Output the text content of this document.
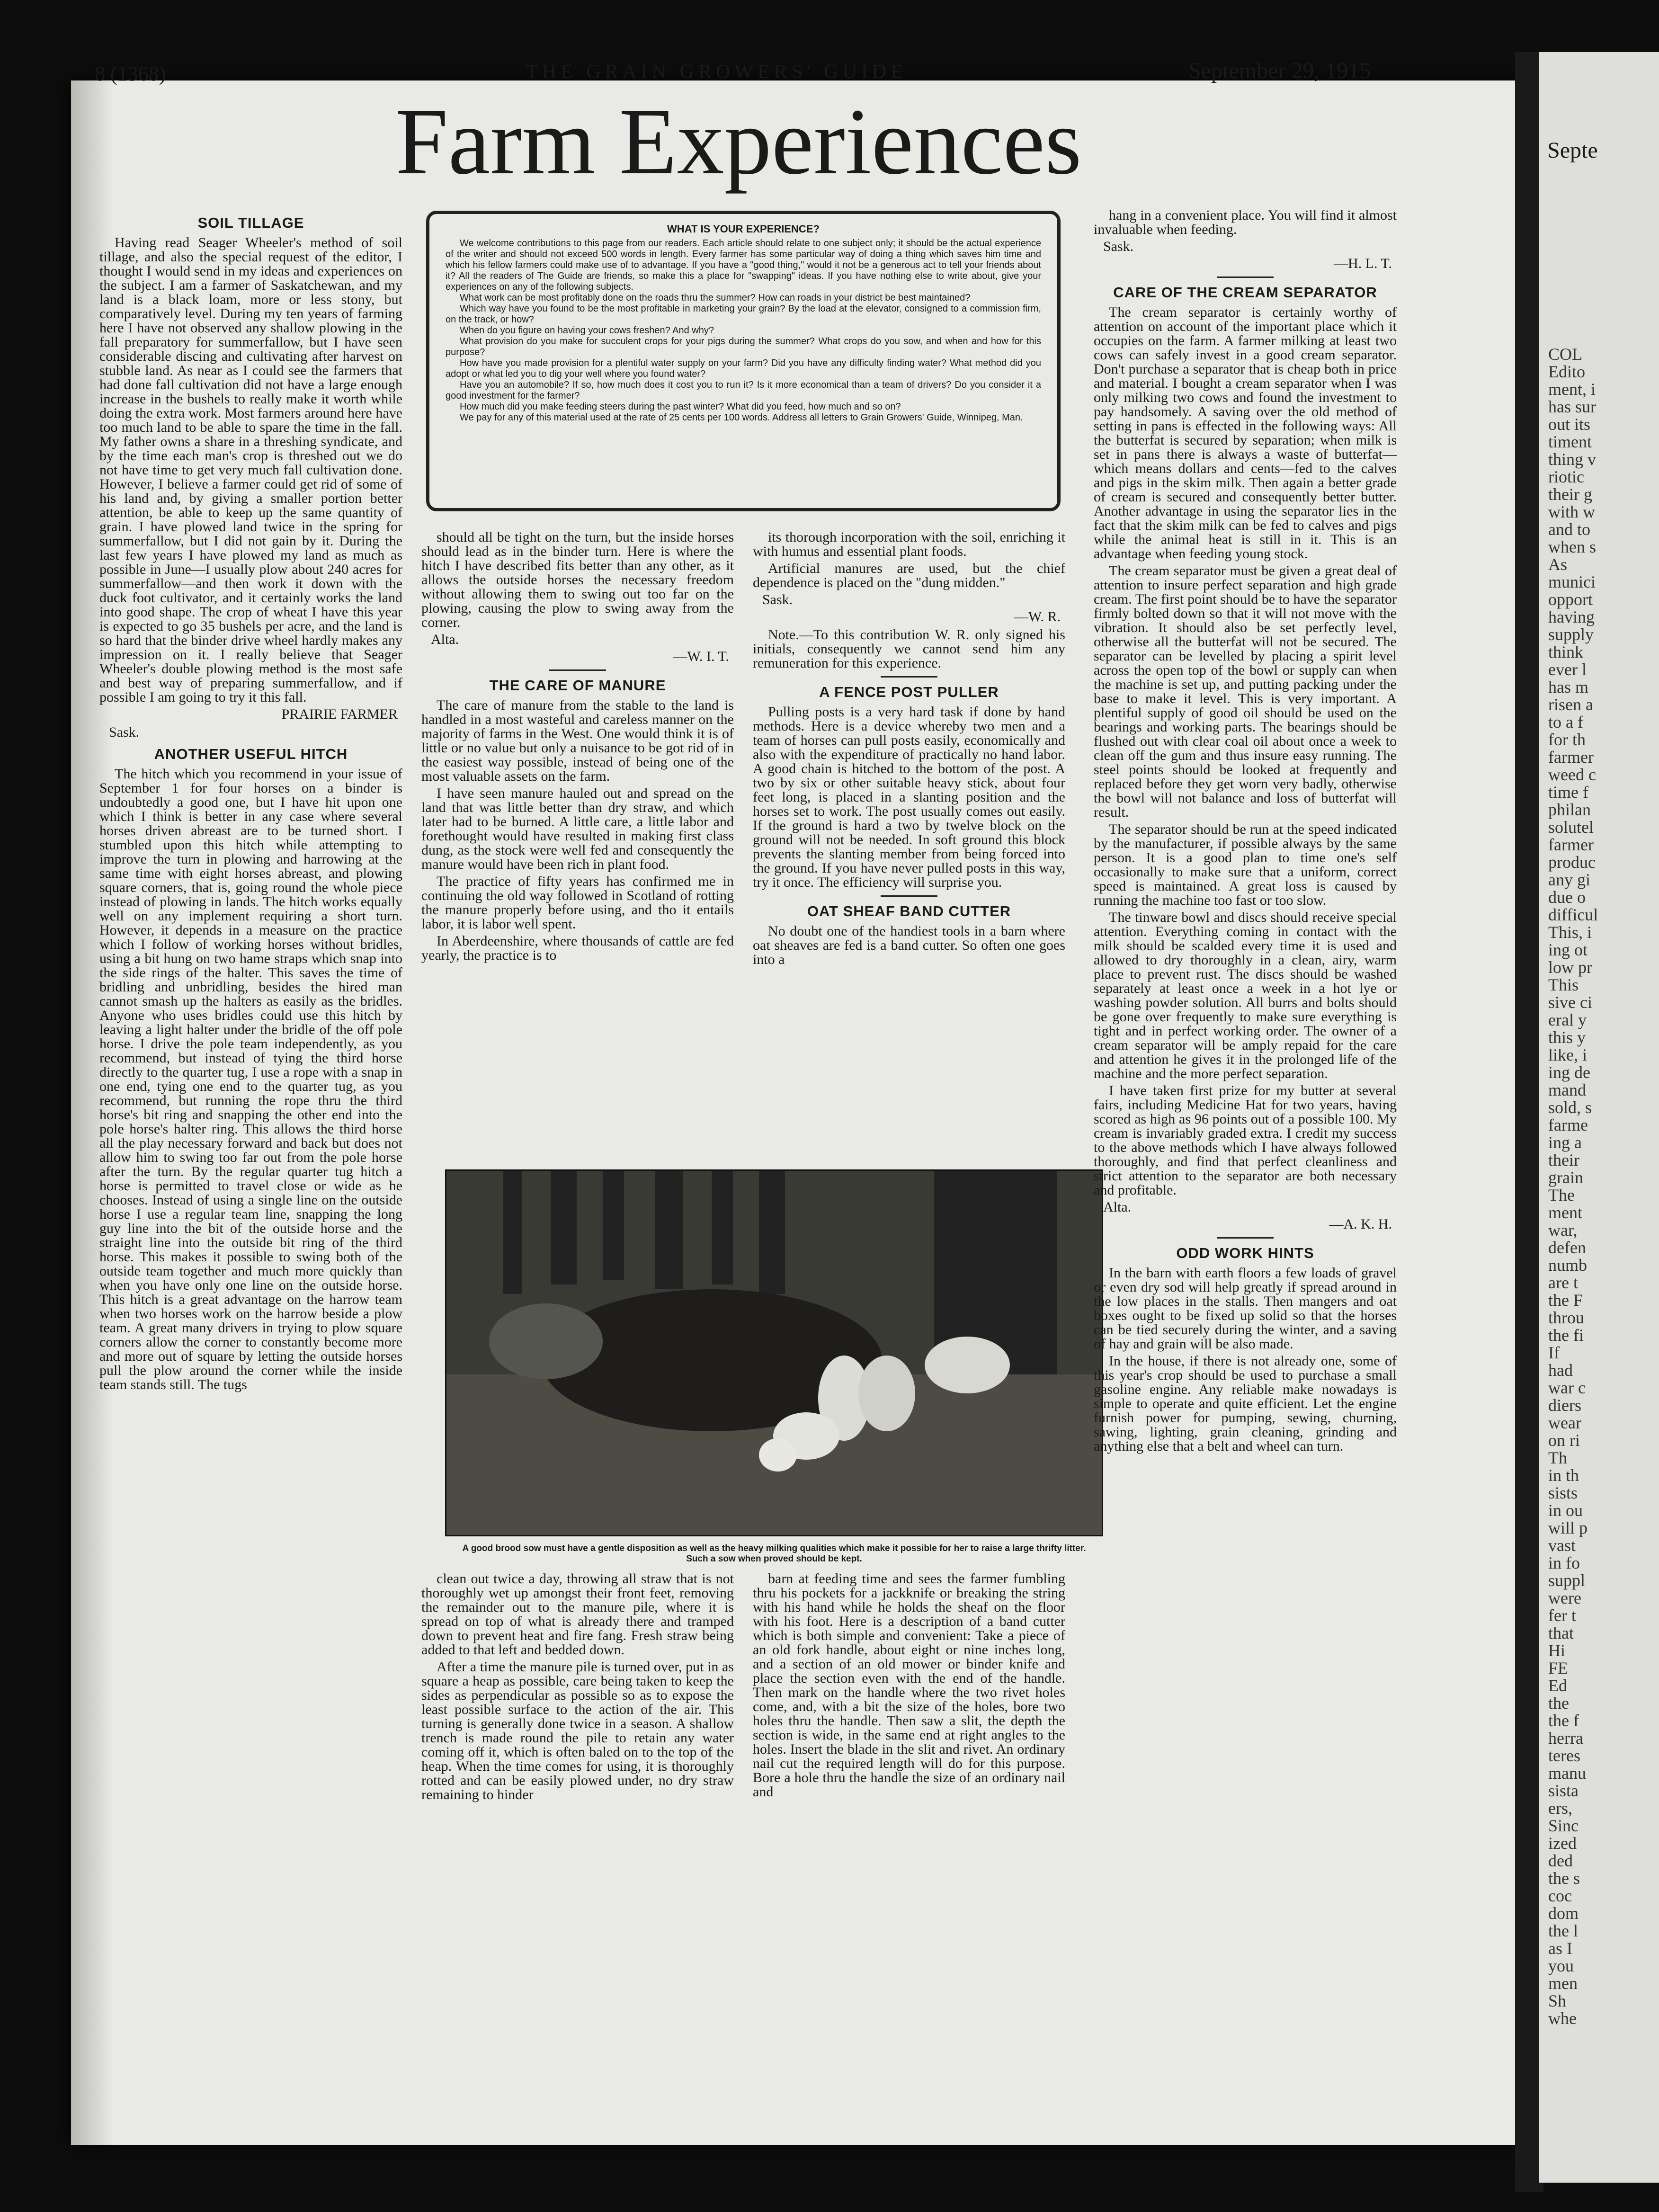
Septe
COL
Edito
ment, i
has sur
out its
timent
thing v
riotic
their g
with w
and to
when s
As
munici
opport
having
supply
think
ever l
has m
risen a
to a f
for th
farmer
weed c
time f
philan
solutel
farmer
produc
any gi
due o
difficul
This, i
ing ot
low pr
This
sive ci
eral y
this y
like, i
ing de
mand
sold, s
farme
ing a
their
grain
The
ment
war,
defen
numb
are t
the F
throu
the fi
If
had
war c
diers
wear
on ri
Th
in th
sists
in ou
will p
vast
in fo
suppl
were
fer t
that
Hi
FE
Ed
the
the f
herra
teres
manu
sista
ers,
Sinc
ized
ded
the s
coc
dom
the l
as I
you
men
Sh
whe
8 (1368)	THE GRAIN GROWERS' GUIDE	September 29, 1915
Farm Experiences
SOIL TILLAGE

Having read Seager Wheeler's method of soil tillage, and also the special request of the editor, I thought I would send in my ideas and experiences on the subject. I am a farmer of Saskatchewan, and my land is a black loam, more or less stony, but comparatively level. During my ten years of farming here I have not observed any shallow plowing in the fall preparatory for summerfallow, but I have seen considerable discing and cultivating after harvest on stubble land. As near as I could see the farmers that had done fall cultivation did not have a large enough increase in the bushels to really make it worth while doing the extra work. Most farmers around here have too much land to be able to spare the time in the fall. My father owns a share in a threshing syndicate, and by the time each man's crop is threshed out we do not have time to get very much fall cultivation done. However, I believe a farmer could get rid of some of his land and, by giving a smaller portion better attention, be able to keep up the same quantity of grain. I have plowed land twice in the spring for summerfallow, but I did not gain by it. During the last few years I have plowed my land as much as possible in June—I usually plow about 240 acres for summerfallow—and then work it down with the duck foot cultivator, and it certainly works the land into good shape. The crop of wheat I have this year is expected to go 35 bushels per acre, and the land is so hard that the binder drive wheel hardly makes any impression on it. I really believe that Seager Wheeler's double plowing method is the most safe and best way of preparing summerfallow, and if possible I am going to try it this fall.

PRAIRIE FARMER
Sask.
ANOTHER USEFUL HITCH

The hitch which you recommend in your issue of September 1 for four horses on a binder is undoubtedly a good one, but I have hit upon one which I think is better in any case where several horses driven abreast are to be turned short. I stumbled upon this hitch while attempting to improve the turn in plowing and harrowing at the same time with eight horses abreast, and plowing square corners, that is, going round the whole piece instead of plowing in lands. The hitch works equally well on any implement requiring a short turn. However, it depends in a measure on the practice which I follow of working horses without bridles, using a bit hung on two hame straps which snap into the side rings of the halter. This saves the time of bridling and unbridling, besides the hired man cannot smash up the halters as easily as the bridles. Anyone who uses bridles could use this hitch by leaving a light halter under the bridle of the off pole horse. I drive the pole team independently, as you recommend, but instead of tying the third horse directly to the quarter tug, I use a rope with a snap in one end, tying one end to the quarter tug, as you recommend, but running the rope thru the third horse's bit ring and snapping the other end into the pole horse's halter ring. This allows the third horse all the play necessary forward and back but does not allow him to swing too far out from the pole horse after the turn. By the regular quarter tug hitch a horse is permitted to travel close or wide as he chooses. Instead of using a single line on the outside horse I use a regular team line, snapping the long guy line into the bit of the outside horse and the straight line into the outside bit ring of the third horse. This makes it possible to swing both of the outside team together and much more quickly than when you have only one line on the outside horse. This hitch is a great advantage on the harrow team when two horses work on the harrow beside a plow team. A great many drivers in trying to plow square corners allow the corner to constantly become more and more out of square by letting the outside horses pull the plow around the corner while the inside team stands still. The tugs

WHAT IS YOUR EXPERIENCE?

We welcome contributions to this page from our readers. Each article should relate to one subject only; it should be the actual experience of the writer and should not exceed 500 words in length. Every farmer has some particular way of doing a thing which saves him time and which his fellow farmers could make use of to advantage. If you have a "good thing," would it not be a generous act to tell your friends about it? All the readers of The Guide are friends, so make this a place for "swapping" ideas. If you have nothing else to write about, give your experiences on any of the following subjects.

What work can be most profitably done on the roads thru the summer? How can roads in your district be best maintained?

Which way have you found to be the most profitable in marketing your grain? By the load at the elevator, consigned to a commission firm, on the track, or how?

When do you figure on having your cows freshen? And why?

What provision do you make for succulent crops for your pigs during the summer? What crops do you sow, and when and how for this purpose?

How have you made provision for a plentiful water supply on your farm? Did you have any difficulty finding water? What method did you adopt or what led you to dig your well where you found water?

Have you an automobile? If so, how much does it cost you to run it? Is it more economical than a team of drivers? Do you consider it a good investment for the farmer?

How much did you make feeding steers during the past winter? What did you feed, how much and so on?

We pay for any of this material used at the rate of 25 cents per 100 words. Address all letters to Grain Growers' Guide, Winnipeg, Man.

should all be tight on the turn, but the inside horses should lead as in the binder turn. Here is where the hitch I have described fits better than any other, as it allows the outside horses the necessary freedom without allowing them to swing out too far on the plowing, causing the plow to swing away from the corner.

Alta.
—W. I. T.
THE CARE OF MANURE

The care of manure from the stable to the land is handled in a most wasteful and careless manner on the majority of farms in the West. One would think it is of little or no value but only a nuisance to be got rid of in the easiest way possible, instead of being one of the most valuable assets on the farm.

I have seen manure hauled out and spread on the land that was little better than dry straw, and which later had to be burned. A little care, a little labor and forethought would have resulted in making first class dung, as the stock were well fed and consequently the manure would have been rich in plant food.

The practice of fifty years has confirmed me in continuing the old way followed in Scotland of rotting the manure properly before using, and tho it entails labor, it is labor well spent.

In Aberdeenshire, where thousands of cattle are fed yearly, the practice is to

its thorough incorporation with the soil, enriching it with humus and essential plant foods.

Artificial manures are used, but the chief dependence is placed on the "dung midden."

Sask.
—W. R.

Note.—To this contribution W. R. only signed his initials, consequently we cannot send him any remuneration for this experience.

A FENCE POST PULLER

Pulling posts is a very hard task if done by hand methods. Here is a device whereby two men and a team of horses can pull posts easily, economically and also with the expenditure of practically no hand labor. A good chain is hitched to the bottom of the post. A two by six or other suitable heavy stick, about four feet long, is placed in a slanting position and the horses set to work. The post usually comes out easily. If the ground is hard a two by twelve block on the ground will not be needed. In soft ground this block prevents the slanting member from being forced into the ground. If you have never pulled posts in this way, try it once. The efficiency will surprise you.

OAT SHEAF BAND CUTTER

No doubt one of the handiest tools in a barn where oat sheaves are fed is a band cutter. So often one goes into a

A good brood sow must have a gentle disposition as well as the heavy milking qualities which make it possible for her to raise a large thrifty litter. Such a sow when proved should be kept.

clean out twice a day, throwing all straw that is not thoroughly wet up amongst their front feet, removing the remainder out to the manure pile, where it is spread on top of what is already there and tramped down to prevent heat and fire fang. Fresh straw being added to that left and bedded down.

After a time the manure pile is turned over, put in as square a heap as possible, care being taken to keep the sides as perpendicular as possible so as to expose the least possible surface to the action of the air. This turning is generally done twice in a season. A shallow trench is made round the pile to retain any water coming off it, which is often baled on to the top of the heap. When the time comes for using, it is thoroughly rotted and can be easily plowed under, no dry straw remaining to hinder

barn at feeding time and sees the farmer fumbling thru his pockets for a jackknife or breaking the string with his hand while he holds the sheaf on the floor with his foot. Here is a description of a band cutter which is both simple and convenient: Take a piece of an old fork handle, about eight or nine inches long, and a section of an old mower or binder knife and place the section even with the end of the handle. Then mark on the handle where the two rivet holes come, and, with a bit the size of the holes, bore two holes thru the handle. Then saw a slit, the depth the section is wide, in the same end at right angles to the holes. Insert the blade in the slit and rivet. An ordinary nail cut the required length will do for this purpose. Bore a hole thru the handle the size of an ordinary nail and

hang in a convenient place. You will find it almost invaluable when feeding.

Sask.
—H. L. T.
CARE OF THE CREAM SEPARATOR

The cream separator is certainly worthy of attention on account of the important place which it occupies on the farm. A farmer milking at least two cows can safely invest in a good cream separator. Don't purchase a separator that is cheap both in price and material. I bought a cream separator when I was only milking two cows and found the investment to pay handsomely. A saving over the old method of setting in pans is effected in the following ways: All the butterfat is secured by separation; when milk is set in pans there is always a waste of butterfat—which means dollars and cents—fed to the calves and pigs in the skim milk. Then again a better grade of cream is secured and consequently better butter. Another advantage in using the separator lies in the fact that the skim milk can be fed to calves and pigs while the animal heat is still in it. This is an advantage when feeding young stock.

The cream separator must be given a great deal of attention to insure perfect separation and high grade cream. The first point should be to have the separator firmly bolted down so that it will not move with the vibration. It should also be set perfectly level, otherwise all the butterfat will not be secured. The separator can be levelled by placing a spirit level across the open top of the bowl or supply can when the machine is set up, and putting packing under the base to make it level. This is very important. A plentiful supply of good oil should be used on the bearings and working parts. The bearings should be flushed out with clear coal oil about once a week to clean off the gum and thus insure easy running. The steel points should be looked at frequently and replaced before they get worn very badly, otherwise the bowl will not balance and loss of butterfat will result.

The separator should be run at the speed indicated by the manufacturer, if possible always by the same person. It is a good plan to time one's self occasionally to make sure that a uniform, correct speed is maintained. A great loss is caused by running the machine too fast or too slow.

The tinware bowl and discs should receive special attention. Everything coming in contact with the milk should be scalded every time it is used and allowed to dry thoroughly in a clean, airy, warm place to prevent rust. The discs should be washed separately at least once a week in a hot lye or washing powder solution. All burrs and bolts should be gone over frequently to make sure everything is tight and in perfect working order. The owner of a cream separator will be amply repaid for the care and attention he gives it in the prolonged life of the machine and the more perfect separation.

I have taken first prize for my butter at several fairs, including Medicine Hat for two years, having scored as high as 96 points out of a possible 100. My cream is invariably graded extra. I credit my success to the above methods which I have always followed thoroughly, and find that perfect cleanliness and strict attention to the separator are both necessary and profitable.

Alta.
—A. K. H.
ODD WORK HINTS

In the barn with earth floors a few loads of gravel or even dry sod will help greatly if spread around in the low places in the stalls. Then mangers and oat boxes ought to be fixed up solid so that the horses can be tied securely during the winter, and a saving of hay and grain will be also made.

In the house, if there is not already one, some of this year's crop should be used to purchase a small gasoline engine. Any reliable make nowadays is simple to operate and quite efficient. Let the engine furnish power for pumping, sewing, churning, sawing, lighting, grain cleaning, grinding and anything else that a belt and wheel can turn.
